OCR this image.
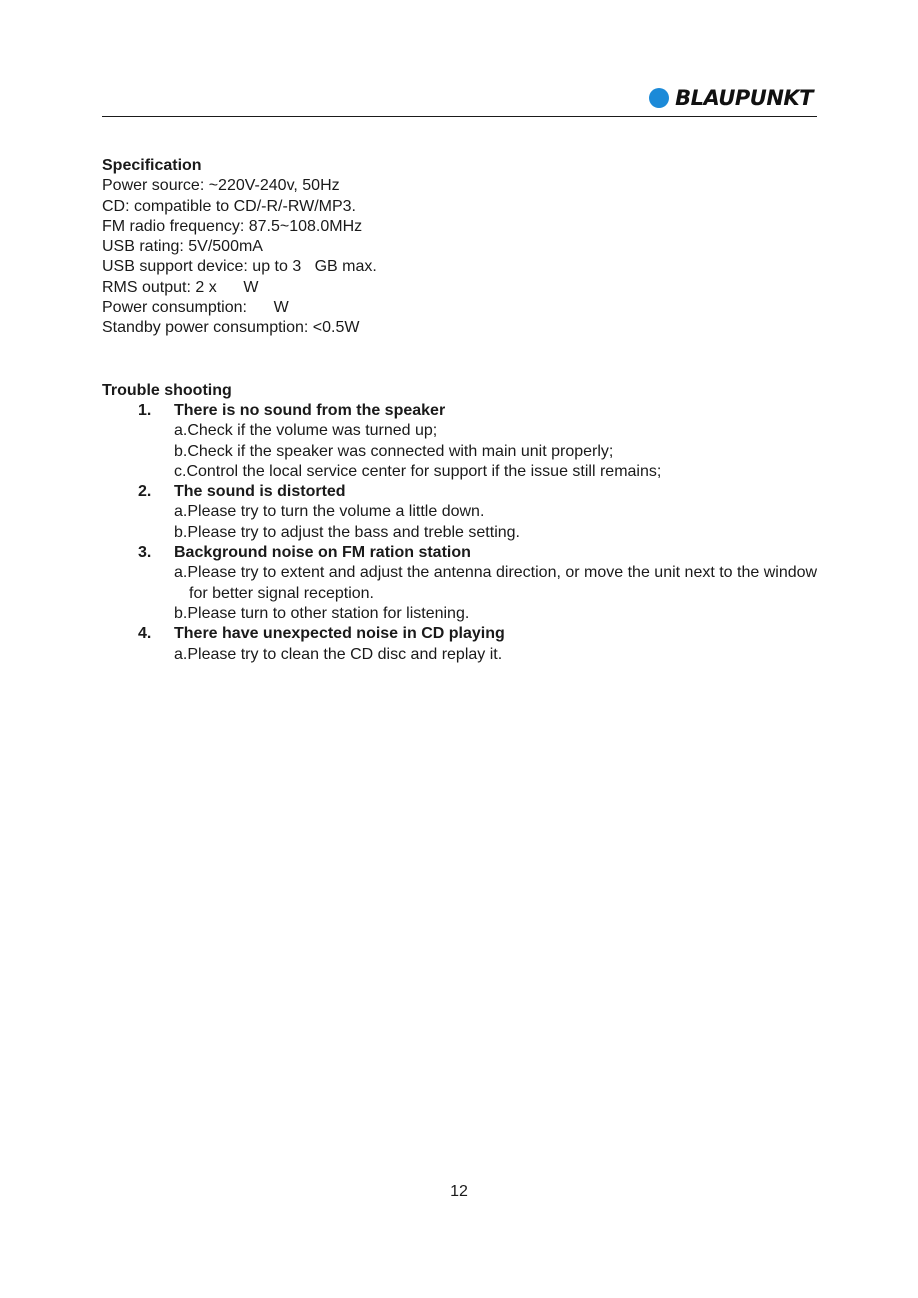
BLAUPUNKT
Specification
Power source: ~220V-240v, 50Hz
CD: compatible to CD/-R/-RW/MP3.
FM radio frequency: 87.5~108.0MHz
USB rating: 5V/500mA
USB support device: up to 3   GB max.
RMS output: 2 x      W
Power consumption:      W
Standby power consumption: <0.5W
Trouble shooting
1. There is no sound from the speaker
a.Check if the volume was turned up;
b.Check if the speaker was connected with main unit properly;
c.Control the local service center for support if the issue still remains;
2. The sound is distorted
a.Please try to turn the volume a little down.
b.Please try to adjust the bass and treble setting.
3. Background noise on FM ration station
a.Please try to extent and adjust the antenna direction, or move the unit next to the window for better signal reception.
b.Please turn to other station for listening.
4. There have unexpected noise in CD playing
a.Please try to clean the CD disc and replay it.
12
